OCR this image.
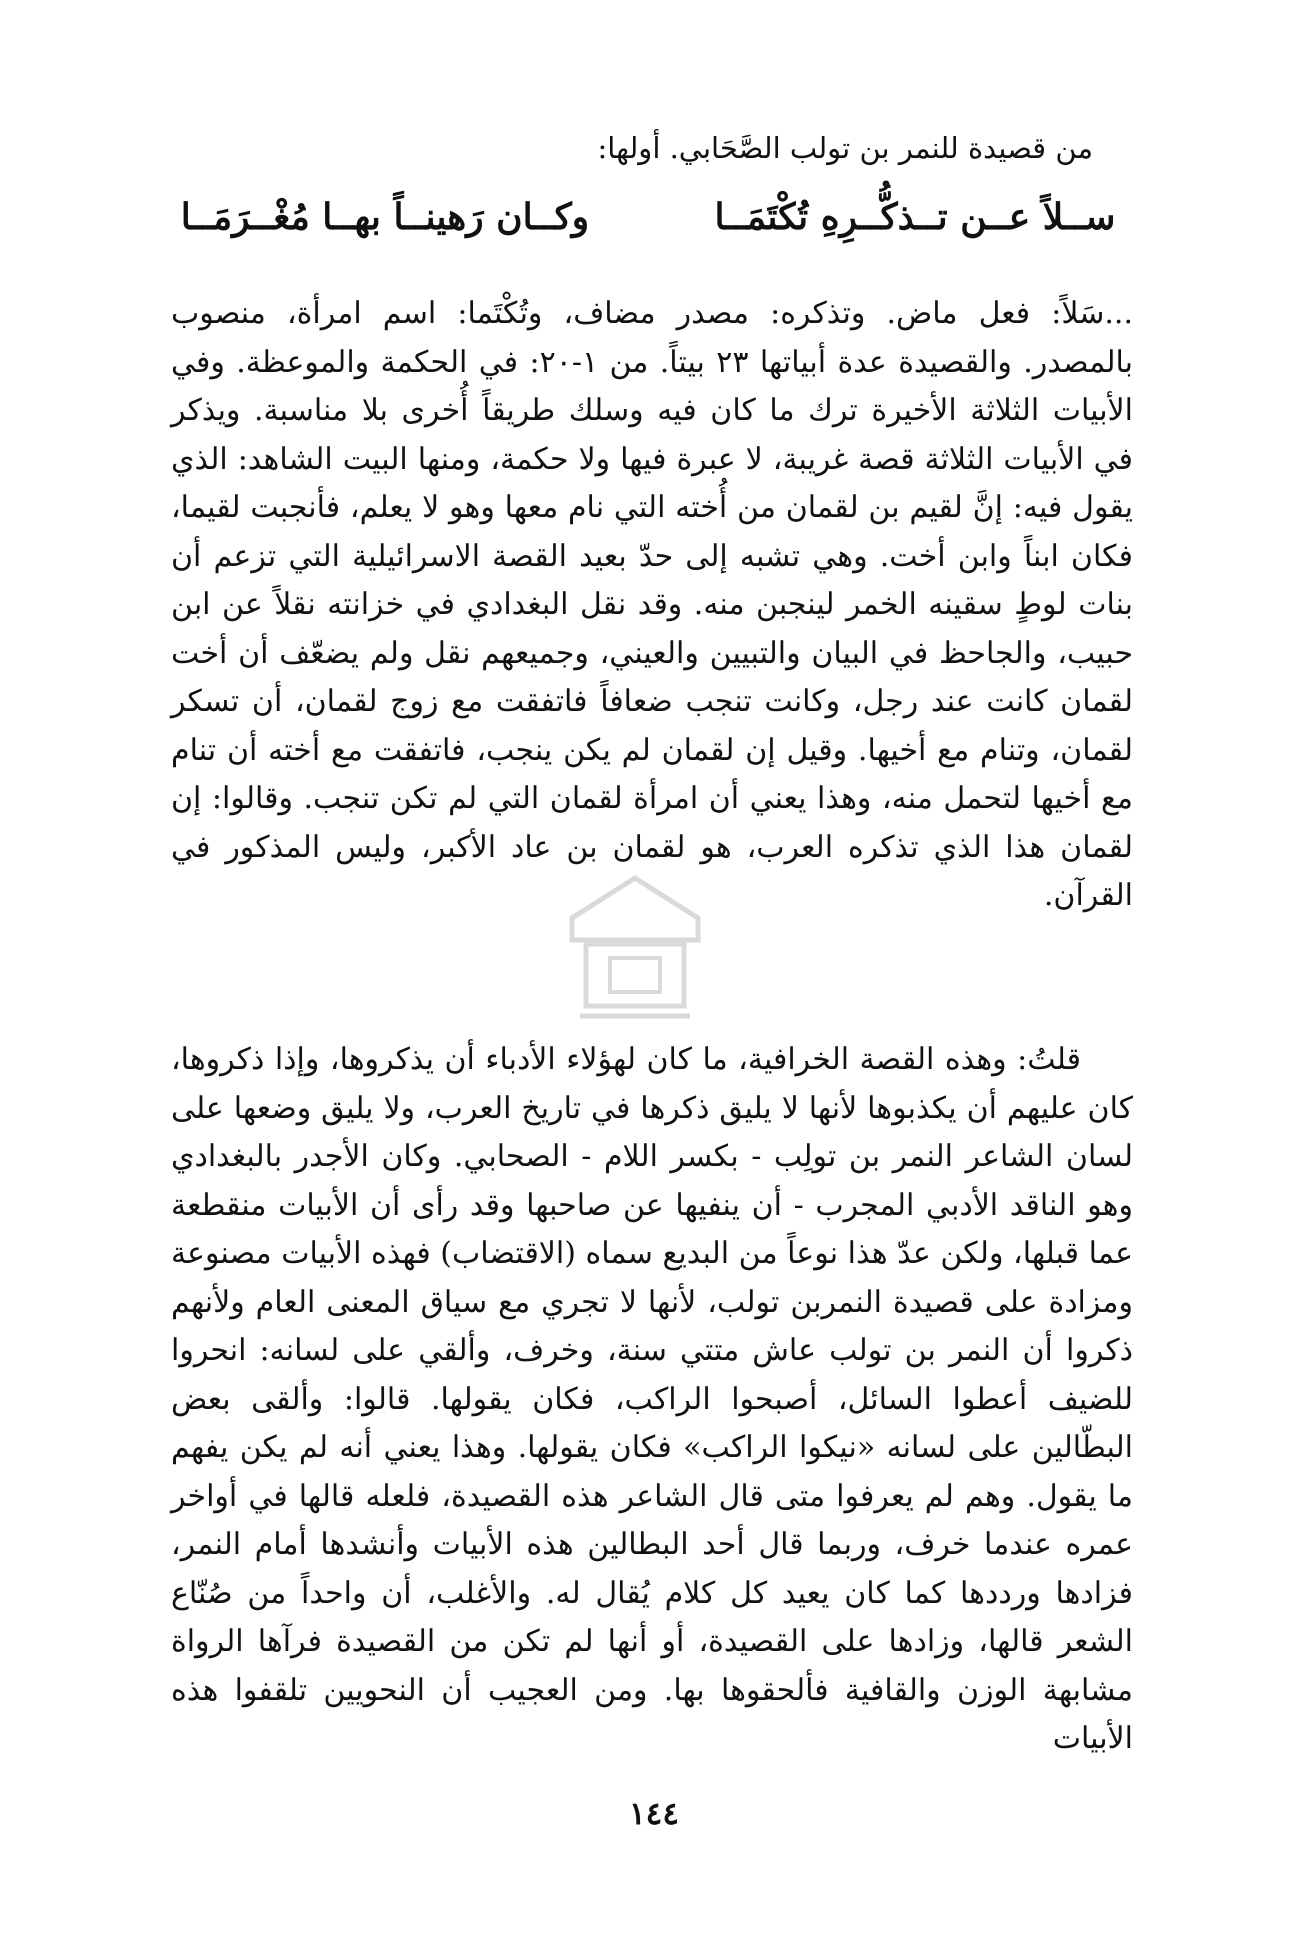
من قصيدة للنمر بن تولب الصَّحَابي. أولها:
ســلاً عــن تــذكُّــرِهِ تُكْتَمَــا
وكــان رَهينــاً بهــا مُغْــرَمَــا
...سَلاً: فعل ماض. وتذكره: مصدر مضاف، وتُكْتَما: اسم امرأة، منصوب بالمصدر. والقصيدة عدة أبياتها ٢٣ بيتاً. من ١-٢٠: في الحكمة والموعظة. وفي الأبيات الثلاثة الأخيرة ترك ما كان فيه وسلك طريقاً أُخرى بلا مناسبة. ويذكر في الأبيات الثلاثة قصة غريبة، لا عبرة فيها ولا حكمة، ومنها البيت الشاهد: الذي يقول فيه: إنَّ لقيم بن لقمان من أُخته التي نام معها وهو لا يعلم، فأنجبت لقيما، فكان ابناً وابن أخت. وهي تشبه إلى حدّ بعيد القصة الاسرائيلية التي تزعم أن بنات لوطٍ سقينه الخمر لينجبن منه. وقد نقل البغدادي في خزانته نقلاً عن ابن حبيب، والجاحظ في البيان والتبيين والعيني، وجميعهم نقل ولم يضعّف أن أخت لقمان كانت عند رجل، وكانت تنجب ضعافاً فاتفقت مع زوج لقمان، أن تسكر لقمان، وتنام مع أخيها. وقيل إن لقمان لم يكن ينجب، فاتفقت مع أخته أن تنام مع أخيها لتحمل منه، وهذا يعني أن امرأة لقمان التي لم تكن تنجب. وقالوا: إن لقمان هذا الذي تذكره العرب، هو لقمان بن عاد الأكبر، وليس المذكور في القرآن.
قلتُ: وهذه القصة الخرافية، ما كان لهؤلاء الأدباء أن يذكروها، وإذا ذكروها، كان عليهم أن يكذبوها لأنها لا يليق ذكرها في تاريخ العرب، ولا يليق وضعها على لسان الشاعر النمر بن تولِب - بكسر اللام - الصحابي. وكان الأجدر بالبغدادي وهو الناقد الأدبي المجرب - أن ينفيها عن صاحبها وقد رأى أن الأبيات منقطعة عما قبلها، ولكن عدّ هذا نوعاً من البديع سماه (الاقتضاب) فهذه الأبيات مصنوعة ومزادة على قصيدة النمربن تولب، لأنها لا تجري مع سياق المعنى العام ولأنهم ذكروا أن النمر بن تولب عاش متتي سنة، وخرف، وألقي على لسانه: انحروا للضيف أعطوا السائل، أصبحوا الراكب، فكان يقولها. قالوا: وألقى بعض البطّالين على لسانه «نيكوا الراكب» فكان يقولها. وهذا يعني أنه لم يكن يفهم ما يقول. وهم لم يعرفوا متى قال الشاعر هذه القصيدة، فلعله قالها في أواخر عمره عندما خرف، وربما قال أحد البطالين هذه الأبيات وأنشدها أمام النمر، فزادها ورددها كما كان يعيد كل كلام يُقال له. والأغلب، أن واحداً من صُنّاع الشعر قالها، وزادها على القصيدة، أو أنها لم تكن من القصيدة فرآها الرواة مشابهة الوزن والقافية فألحقوها بها. ومن العجيب أن النحويين تلقفوا هذه الأبيات
١٤٤
